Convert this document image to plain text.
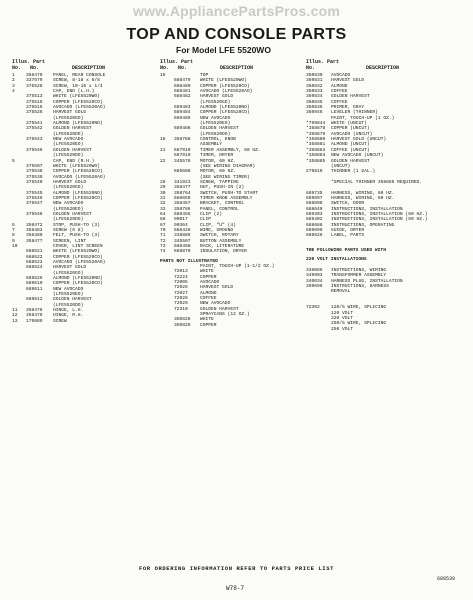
www.AppliancePartsPros.com
TOP AND CONSOLE PARTS
For Model LFE 5520WO
Illus. Part
No. No.	DESCRIPTION
1 358479 PANEL, REAR CONSOLE
2 337679 SCREW, 8-18 x 5/8
3 375528 SCREW, 10-16 x 1/4
4	CAP, END (L.H.)
375513 WHITE (LFE5520WO)
375515 COPPER (LFE5520CO)
375516 AVOCADO (LFE5520AO)
375526 HARVEST GOLD
(LFE5520GO)
375541 ALMOND (LFE5520NO)
375542 GOLDEN HARVEST
(LFE5520DO)
375543 NEW AVOCADO
(LFE5520EO)
375546 GOLDEN HARVEST
(LFE5520DO)
5	CAP, END (R.H.)
375507 WHITE (LFE5520WO)
375538 COPPER (LFE5520CO)
375539 AVOCADO (LFE5520AO)
375540 HARVEST GOLD
(LFE5520GO)
375545 ALMOND (LFE5520NO)
375546 COPPER (LFE5520CO)
375547 NEW AVOCADO
(LFE5520EO)
375548 GOLDEN HARVEST
(LFE5520DO)
6 358472 STOP, PUSH-TO (3)
7 358483 SCREW (6 8)
8 358480 FELT, PUSH-TO (3)
9 358477 SCREEN, LINT
10	COVER, LINT SCREEN
688521 WHITE (LFE5520WO)
688522 COPPER (LFE5520CO)
688523 AVOCADO (LFE5520AO)
688524 HARVEST GOLD
(LFE5520GO)
688525 ALMOND (LFE5520NO)
689610 COPPER (LFE5520CO)
689611 NEW AVOCADO
(LFE5520EO)
689612 GOLDEN HARVEST
(LFE5520DO)
11 358478 HINGE, L.H.
12 358479 HINGE, R.H.
13 179889 SCREW
Illus. Part
No. No.	DESCRIPTION
16	TOP
688479 WHITE (LFE5520WO)
688480 COPPER (LFE5520CO)
688481 AVOCADO (LFE5520AO)
688482 HARVEST GOLD
(LFE5520GO)
689483 ALMOND (LFE5520NO)
689484 COPPER (LFE5520CO)
689485 NEW AVOCADO
(LFE5520EO)
689486 GOLDEN HARVEST
(LFE5520DO)
18 358788 CONTROL, KNOB
ASSEMBLY
21 687910 TIMER ASSEMBLY, 60 HZ.
687910 TIMER, DRYER
22 345578 MOTOR, 60 HZ.
(SEE WIRING DIAGRAM)
685688 MOTOR, 60 HZ.
(SEE WIRING TIMER)
28 341923 SCREW, TAPPING
29 358477 NUT, PUSH-IN (2)
30 358764 SWITCH, PUSH-TO START
31 688659 TIMER KNOB ASSEMBLY
32 358457 BRACKET, CONTROL
33 358786 PANEL, CONTROL
64 688455 CLIP (2)
68 90017	CLIP
67 90364	CLIP, "U" (4)
70 688428 WIRE, GROUND
71 338889 SWITCH, ROTARY
72 345507 BUTTON ASSEMBLY
73 688468 RACK, LITERATURE
74 688870 INSULATION, DRYER
PARTS NOT ILLUSTRATED
PAINT, TOUCH-UP (1-1/2 OZ.)
72013	WHITE
72224	COPPER
72005	AVOCADO
72026	HARVEST GOLD
72027	ALMOND
72028	COFFEE
72029	NEW AVOCADO
72310	GOLDEN HARVEST
SPRAYCANS (12 OZ.)
350828 WHITE
350829 COPPER
Illus. Part
No.	DESCRIPTION
350830 AVOCADO
350831 HARVEST GOLD
350832 ALMOND
350833 COFFEE
350834 GOLDEN HARVEST
350835 COFFEE
350836 PRIMER, GRAY
350946 LEVELER (THINNER)
PAINT, TOUCH-UP (1 OZ.)
*799844 WHITE (UNCUT)
*358878 COPPER (UNCUT)
*358879 AVOCADO (UNCUT)
*358880 HARVEST GOLD (UNCUT)
*358881 ALMOND (UNCUT)
*358883 COFFEE (UNCUT)
*358884 NEW AVOCADO (UNCUT)
*358885 GOLDEN HARVEST
(UNCUT)
279810 THINNER (1 GAL.)
*SPECIAL THINNER 358885 REQUIRED.
689735 HARNESS, WIRING, 60 HZ.
689897 HARNESS, WIRING, 60 HZ.
688898 SWITCH, DOOR
688649 INSTRUCTIONS, INSTALLATION
689303 INSTRUCTIONS, INSTALLATION (60 HZ.)
689402 INSTRUCTIONS, INSTALLATION (50 HZ.)
688688 INSTRUCTIONS, OPERATING
689699 GUIDE, DRYER
689628 LABEL, PARTS
THE FOLLOWING PARTS USED WITH
220 VOLT INSTALLATIONS
338085 INSTRUCTIONS, WIRING
349903 TRANSFORMER ASSEMBLY
340034 HARNESS PLUG, INSTALLATION
350696 INSTRUCTIONS, HARNESS
REMOVAL
72302 120/S WIRE, SPLICING
120 VOLT
220 VOLT
250/S WIRE, SPLICING
250 VOLT
FOR ORDERING INFORMATION REFER TO PARTS PRICE LIST
688539
W78-7
